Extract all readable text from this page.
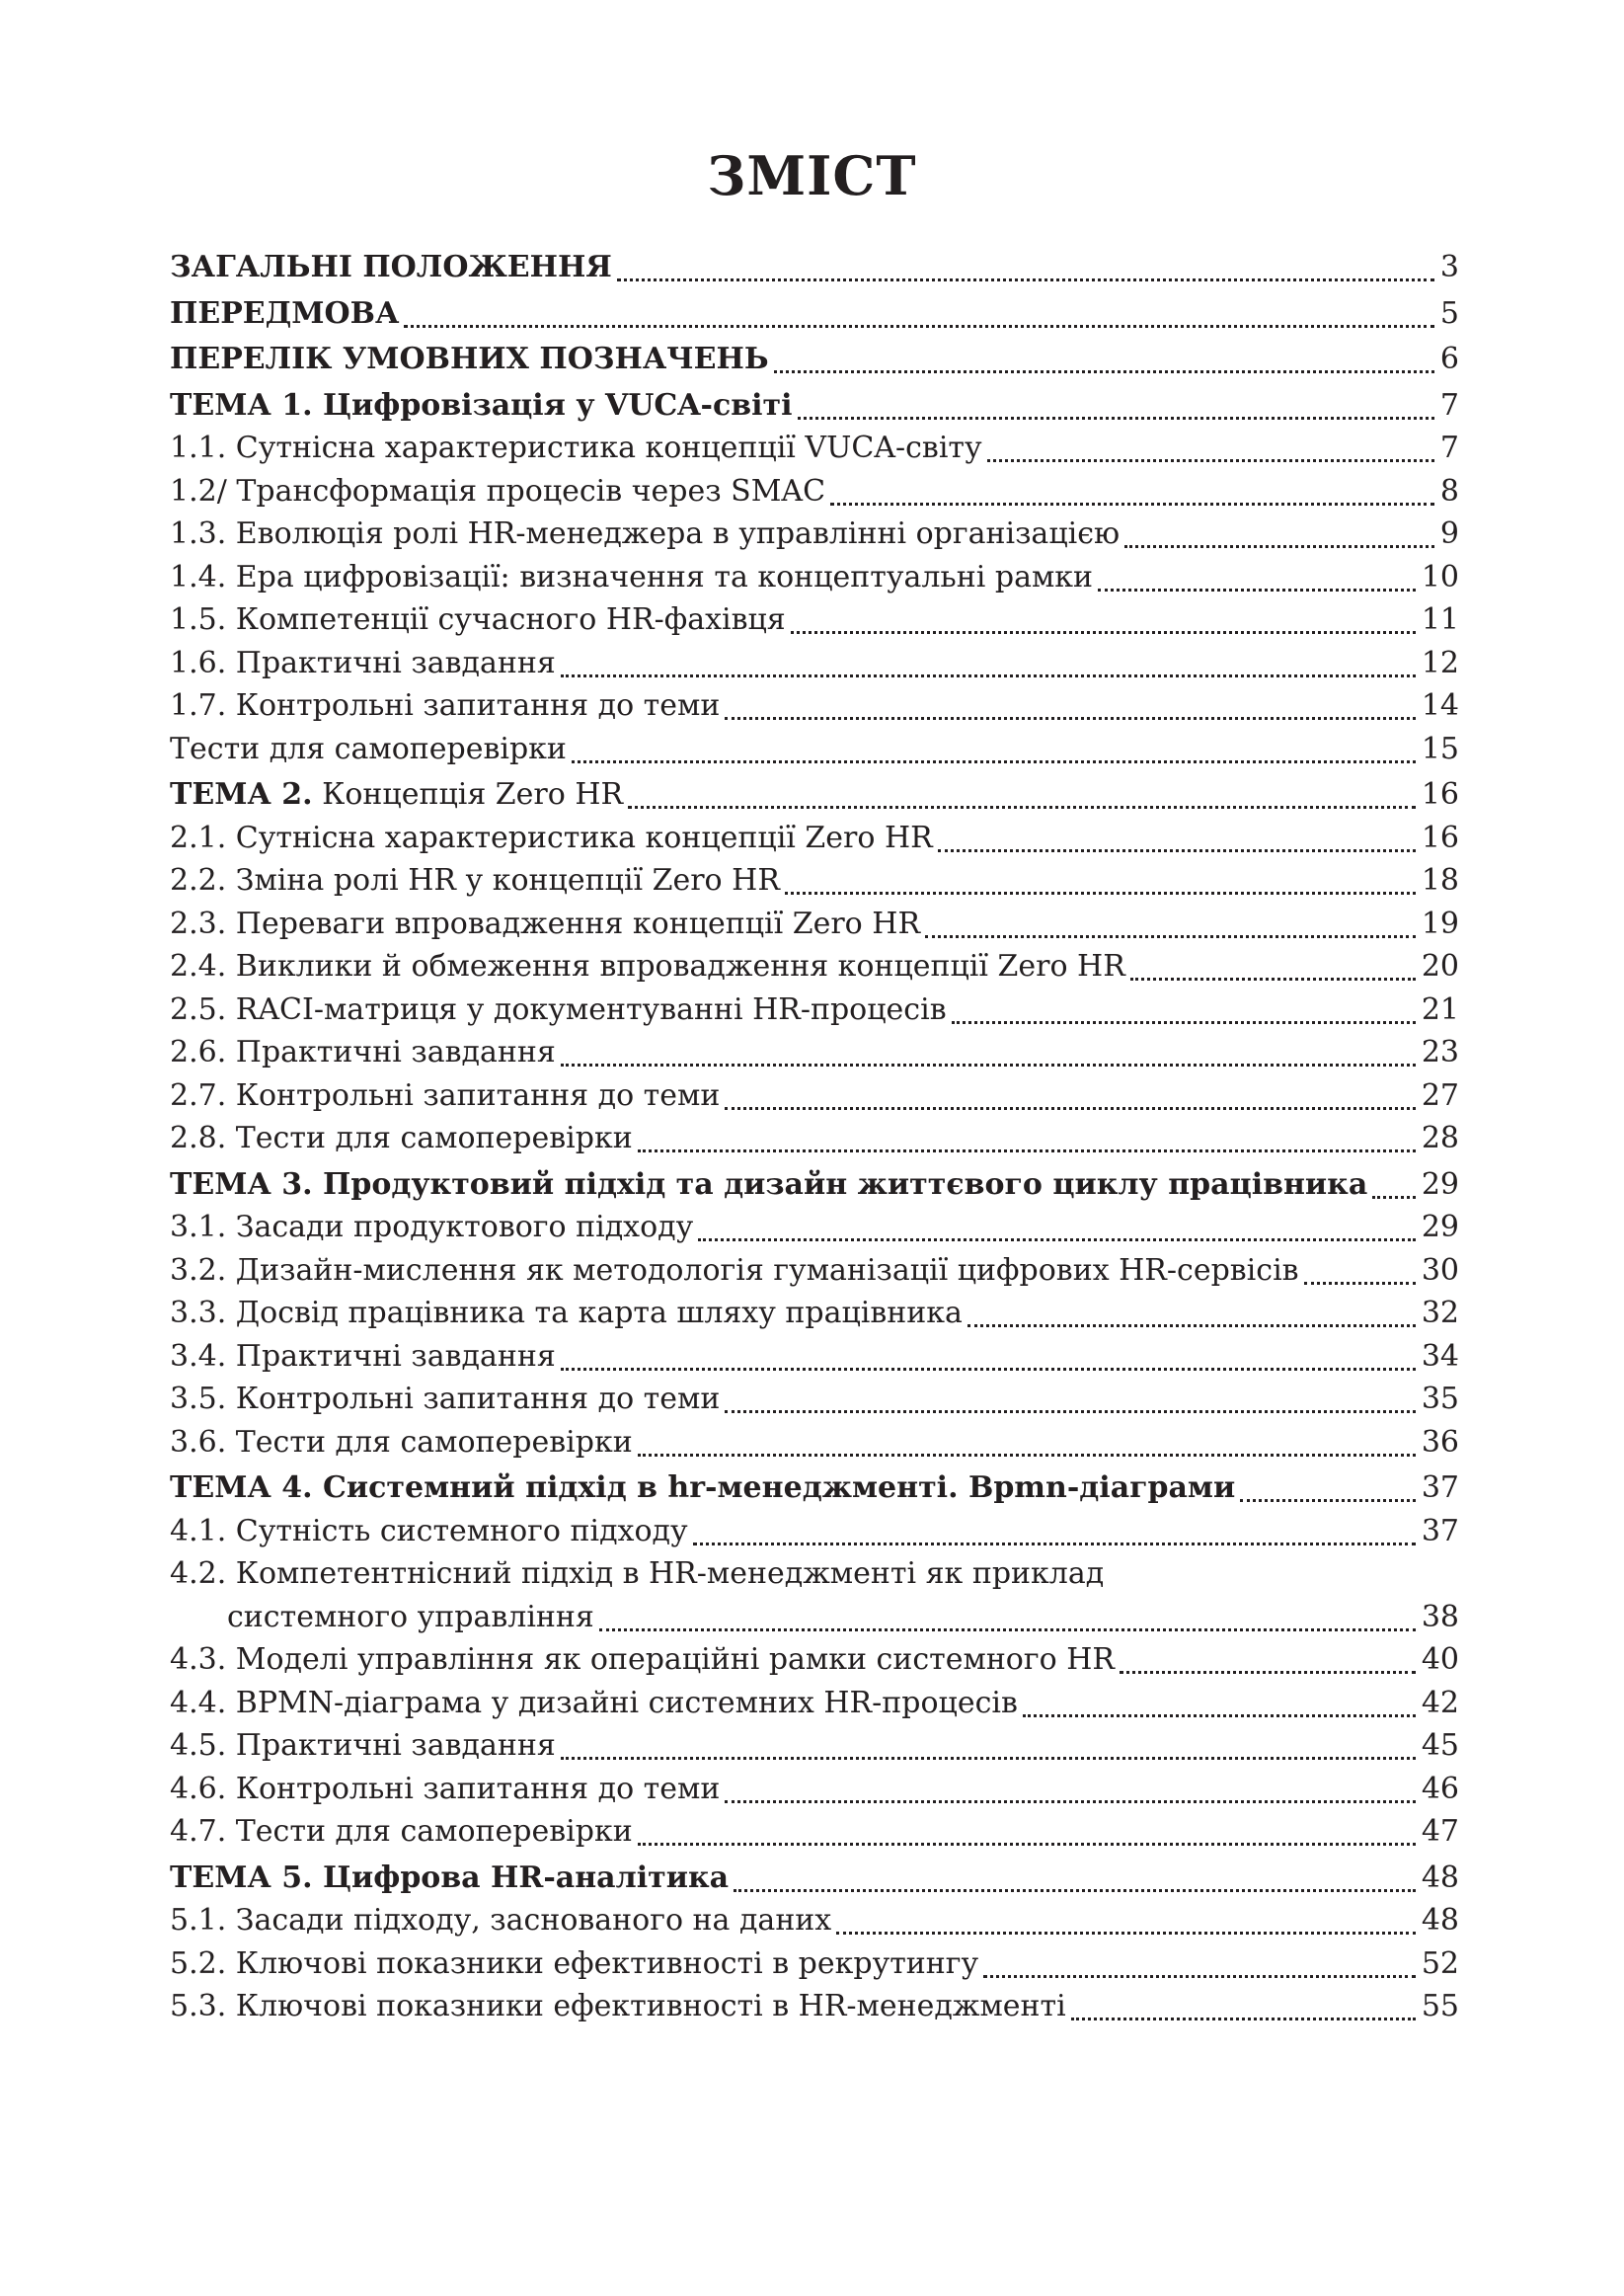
ЗМІСТ
ЗАГАЛЬНІ ПОЛОЖЕННЯ	3
ПЕРЕДМОВА	5
ПЕРЕЛІК УМОВНИХ ПОЗНАЧЕНЬ	6
ТЕМА 1. Цифровізація у VUCA-світі	7
1.1. Сутнісна характеристика концепції VUCA-світу	7
1.2/ Трансформація процесів через SMAC	8
1.3. Еволюція ролі HR-менеджера в управлінні організацією	9
1.4. Ера цифровізації: визначення та концептуальні рамки	10
1.5. Компетенції сучасного HR-фахівця	11
1.6. Практичні завдання	12
1.7. Контрольні запитання до теми	14
Тести для самоперевірки	15
ТЕМА 2. Концепція Zero HR	16
2.1. Сутнісна характеристика концепції Zero HR	16
2.2. Зміна ролі HR у концепції Zero HR	18
2.3. Переваги впровадження концепції Zero HR	19
2.4. Виклики й обмеження впровадження концепції Zero HR	20
2.5. RACI-матриця у документуванні HR-процесів	21
2.6. Практичні завдання	23
2.7. Контрольні запитання до теми	27
2.8. Тести для самоперевірки	28
ТЕМА 3. Продуктовий підхід та дизайн життєвого циклу працівника 29
3.1. Засади продуктового підходу	29
3.2. Дизайн-мислення як методологія гуманізації цифрових HR-сервісів	30
3.3. Досвід працівника та карта шляху працівника	32
3.4. Практичні завдання	34
3.5. Контрольні запитання до теми	35
3.6. Тести для самоперевірки	36
ТЕМА 4. Системний підхід в hr-менеджменті. Bpmn-діаграми	37
4.1. Сутність системного підходу	37
4.2. Компетентнісний підхід в HR-менеджменті як приклад
системного управління	38
4.3. Моделі управління як операційні рамки системного HR	40
4.4. BPMN-діаграма у дизайні системних HR-процесів	42
4.5. Практичні завдання	45
4.6. Контрольні запитання до теми	46
4.7. Тести для самоперевірки	47
ТЕМА 5. Цифрова HR-аналітика	48
5.1. Засади підходу, заснованого на даних	48
5.2. Ключові показники ефективності в рекрутингу	52
5.3. Ключові показники ефективності в HR-менеджменті	55
